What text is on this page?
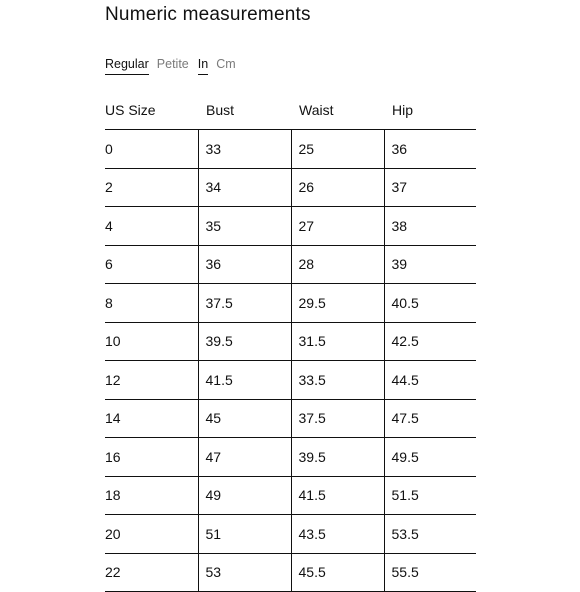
Numeric measurements
Regular Petite In Cm
US Size	Bust	Waist	Hip
0	33	25	36
2	34	26	37
4	35	27	38
6	36	28	39
8	37.5	29.5	40.5
10	39.5	31.5	42.5
12	41.5	33.5	44.5
14	45	37.5	47.5
16	47	39.5	49.5
18	49	41.5	51.5
20	51	43.5	53.5
22	53	45.5	55.5
